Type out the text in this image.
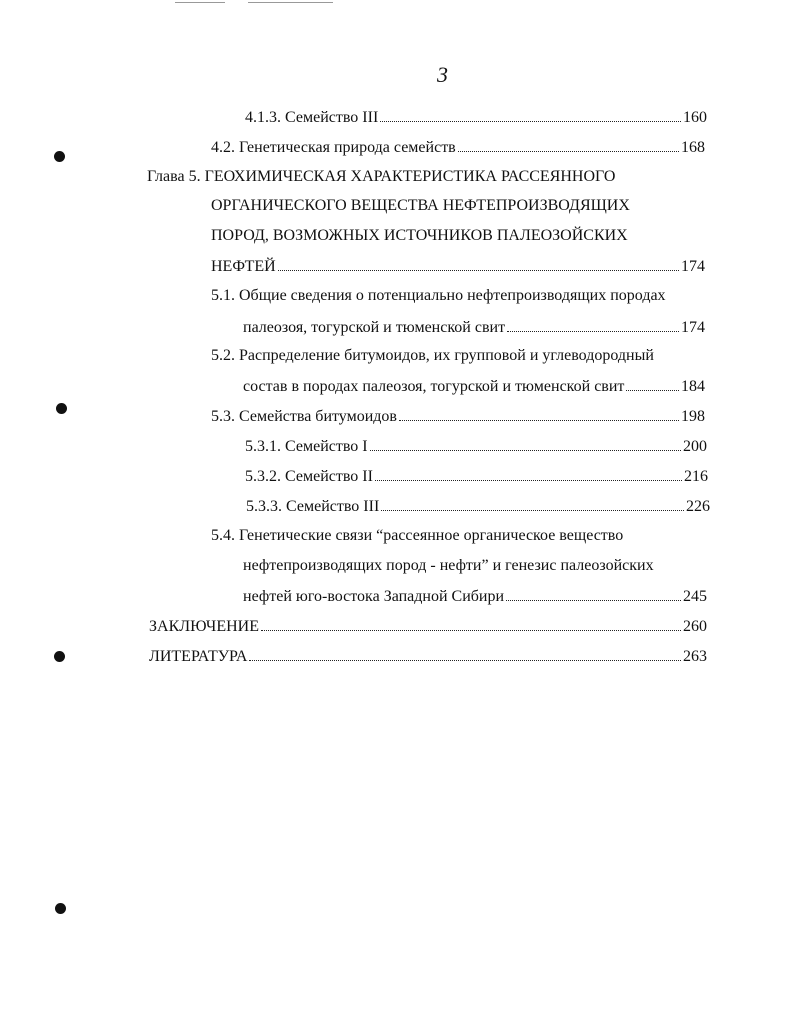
3
4.1.3. Семейство III	160
4.2. Генетическая природа семейств	168
Глава 5. ГЕОХИМИЧЕСКАЯ ХАРАКТЕРИСТИКА РАССЕЯННОГО
ОРГАНИЧЕСКОГО ВЕЩЕСТВА НЕФТЕПРОИЗВОДЯЩИХ
ПОРОД, ВОЗМОЖНЫХ ИСТОЧНИКОВ ПАЛЕОЗОЙСКИХ
НЕФТЕЙ	174
5.1. Общие сведения о потенциально нефтепроизводящих породах
палеозоя, тогурской и тюменской свит	174
5.2. Распределение битумоидов, их групповой и углеводородный
состав в породах палеозоя, тогурской и тюменской свит	184
5.3. Семейства битумоидов	198
5.3.1. Семейство I	200
5.3.2. Семейство II	216
5.3.3. Семейство III	226
5.4. Генетические связи “рассеянное органическое вещество
нефтепроизводящих пород - нефти” и генезис палеозойских
нефтей юго-востока Западной Сибири	245
ЗАКЛЮЧЕНИЕ	260
ЛИТЕРАТУРА	263
